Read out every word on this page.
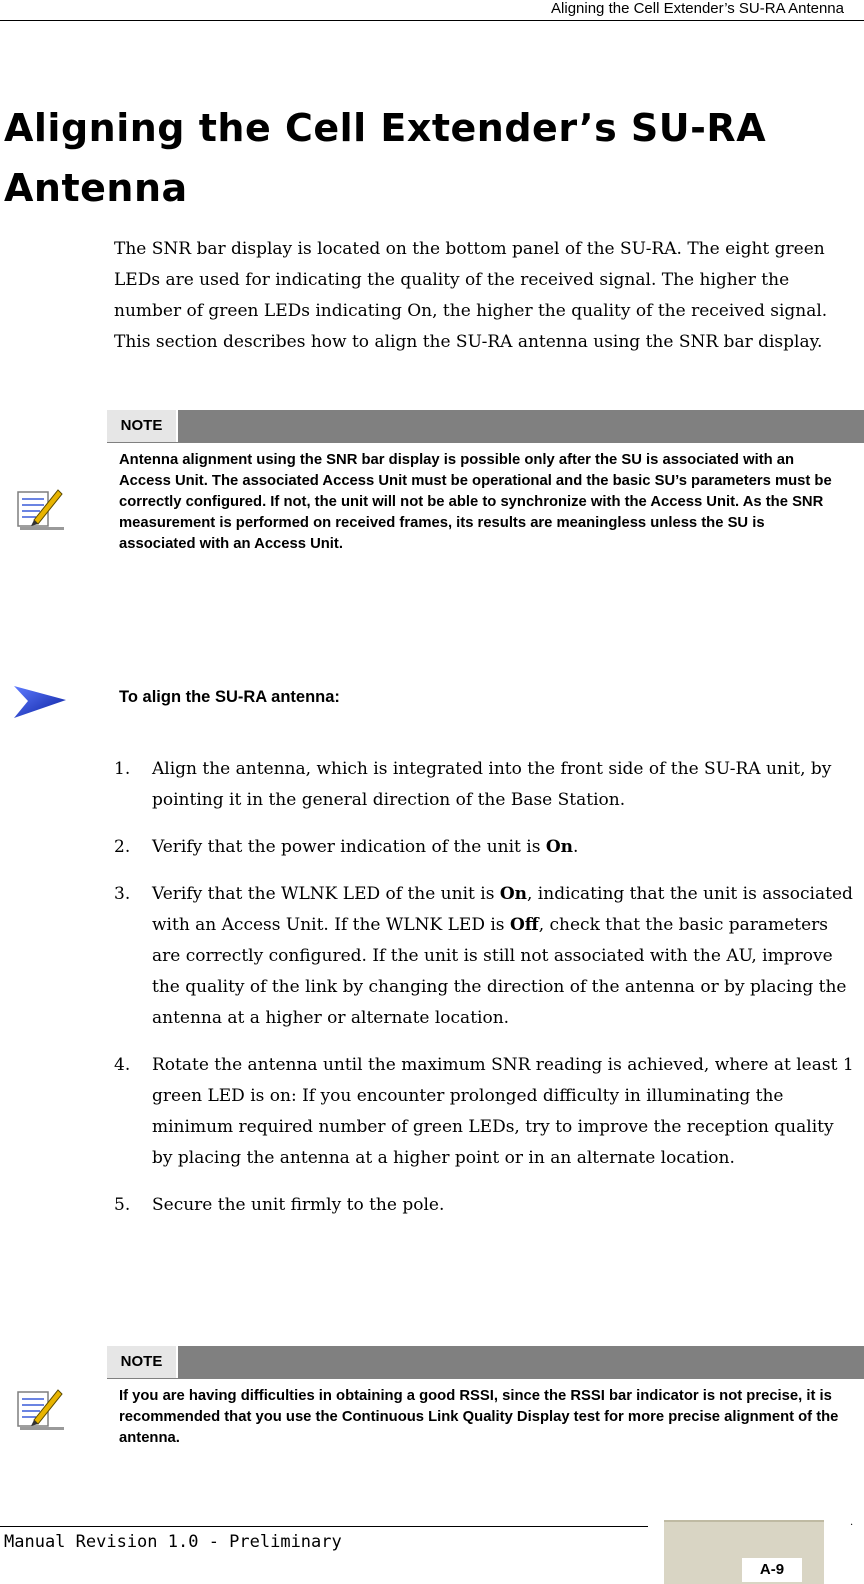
Aligning the Cell Extender’s SU-RA Antenna
Aligning the Cell Extender’s SU-RA
Antenna

The SNR bar display is located on the bottom panel of the SU-RA. The eight green LEDs are used for indicating the quality of the received signal. The higher the number of green LEDs indicating On, the higher the quality of the received signal. This section describes how to align the SU-RA antenna using the SNR bar display.

NOTE

Antenna alignment using the SNR bar display is possible only after the SU is associated with an Access Unit. The associated Access Unit must be operational and the basic SU’s parameters must be correctly configured. If not, the unit will not be able to synchronize with the Access Unit. As the SNR measurement is performed on received frames, its results are meaningless unless the SU is associated with an Access Unit.

To align the SU-RA antenna:

1. Align the antenna, which is integrated into the front side of the SU-RA unit, by pointing it in the general direction of the Base Station.
2. Verify that the power indication of the unit is On.
3. Verify that the WLNK LED of the unit is On, indicating that the unit is associated with an Access Unit. If the WLNK LED is Off, check that the basic parameters are correctly configured. If the unit is still not associated with the AU, improve the quality of the link by changing the direction of the antenna or by placing the antenna at a higher or alternate location.
4. Rotate the antenna until the maximum SNR reading is achieved, where at least 1 green LED is on: If you encounter prolonged difficulty in illuminating the minimum required number of green LEDs, try to improve the reception quality by placing the antenna at a higher point or in an alternate location.
5. Secure the unit firmly to the pole.
NOTE

If you are having difficulties in obtaining a good RSSI, since the RSSI bar indicator is not precise, it is recommended that you use the Continuous Link Quality Display test for more precise alignment of the antenna.

Manual Revision 1.0 - Preliminary
A-9
.
